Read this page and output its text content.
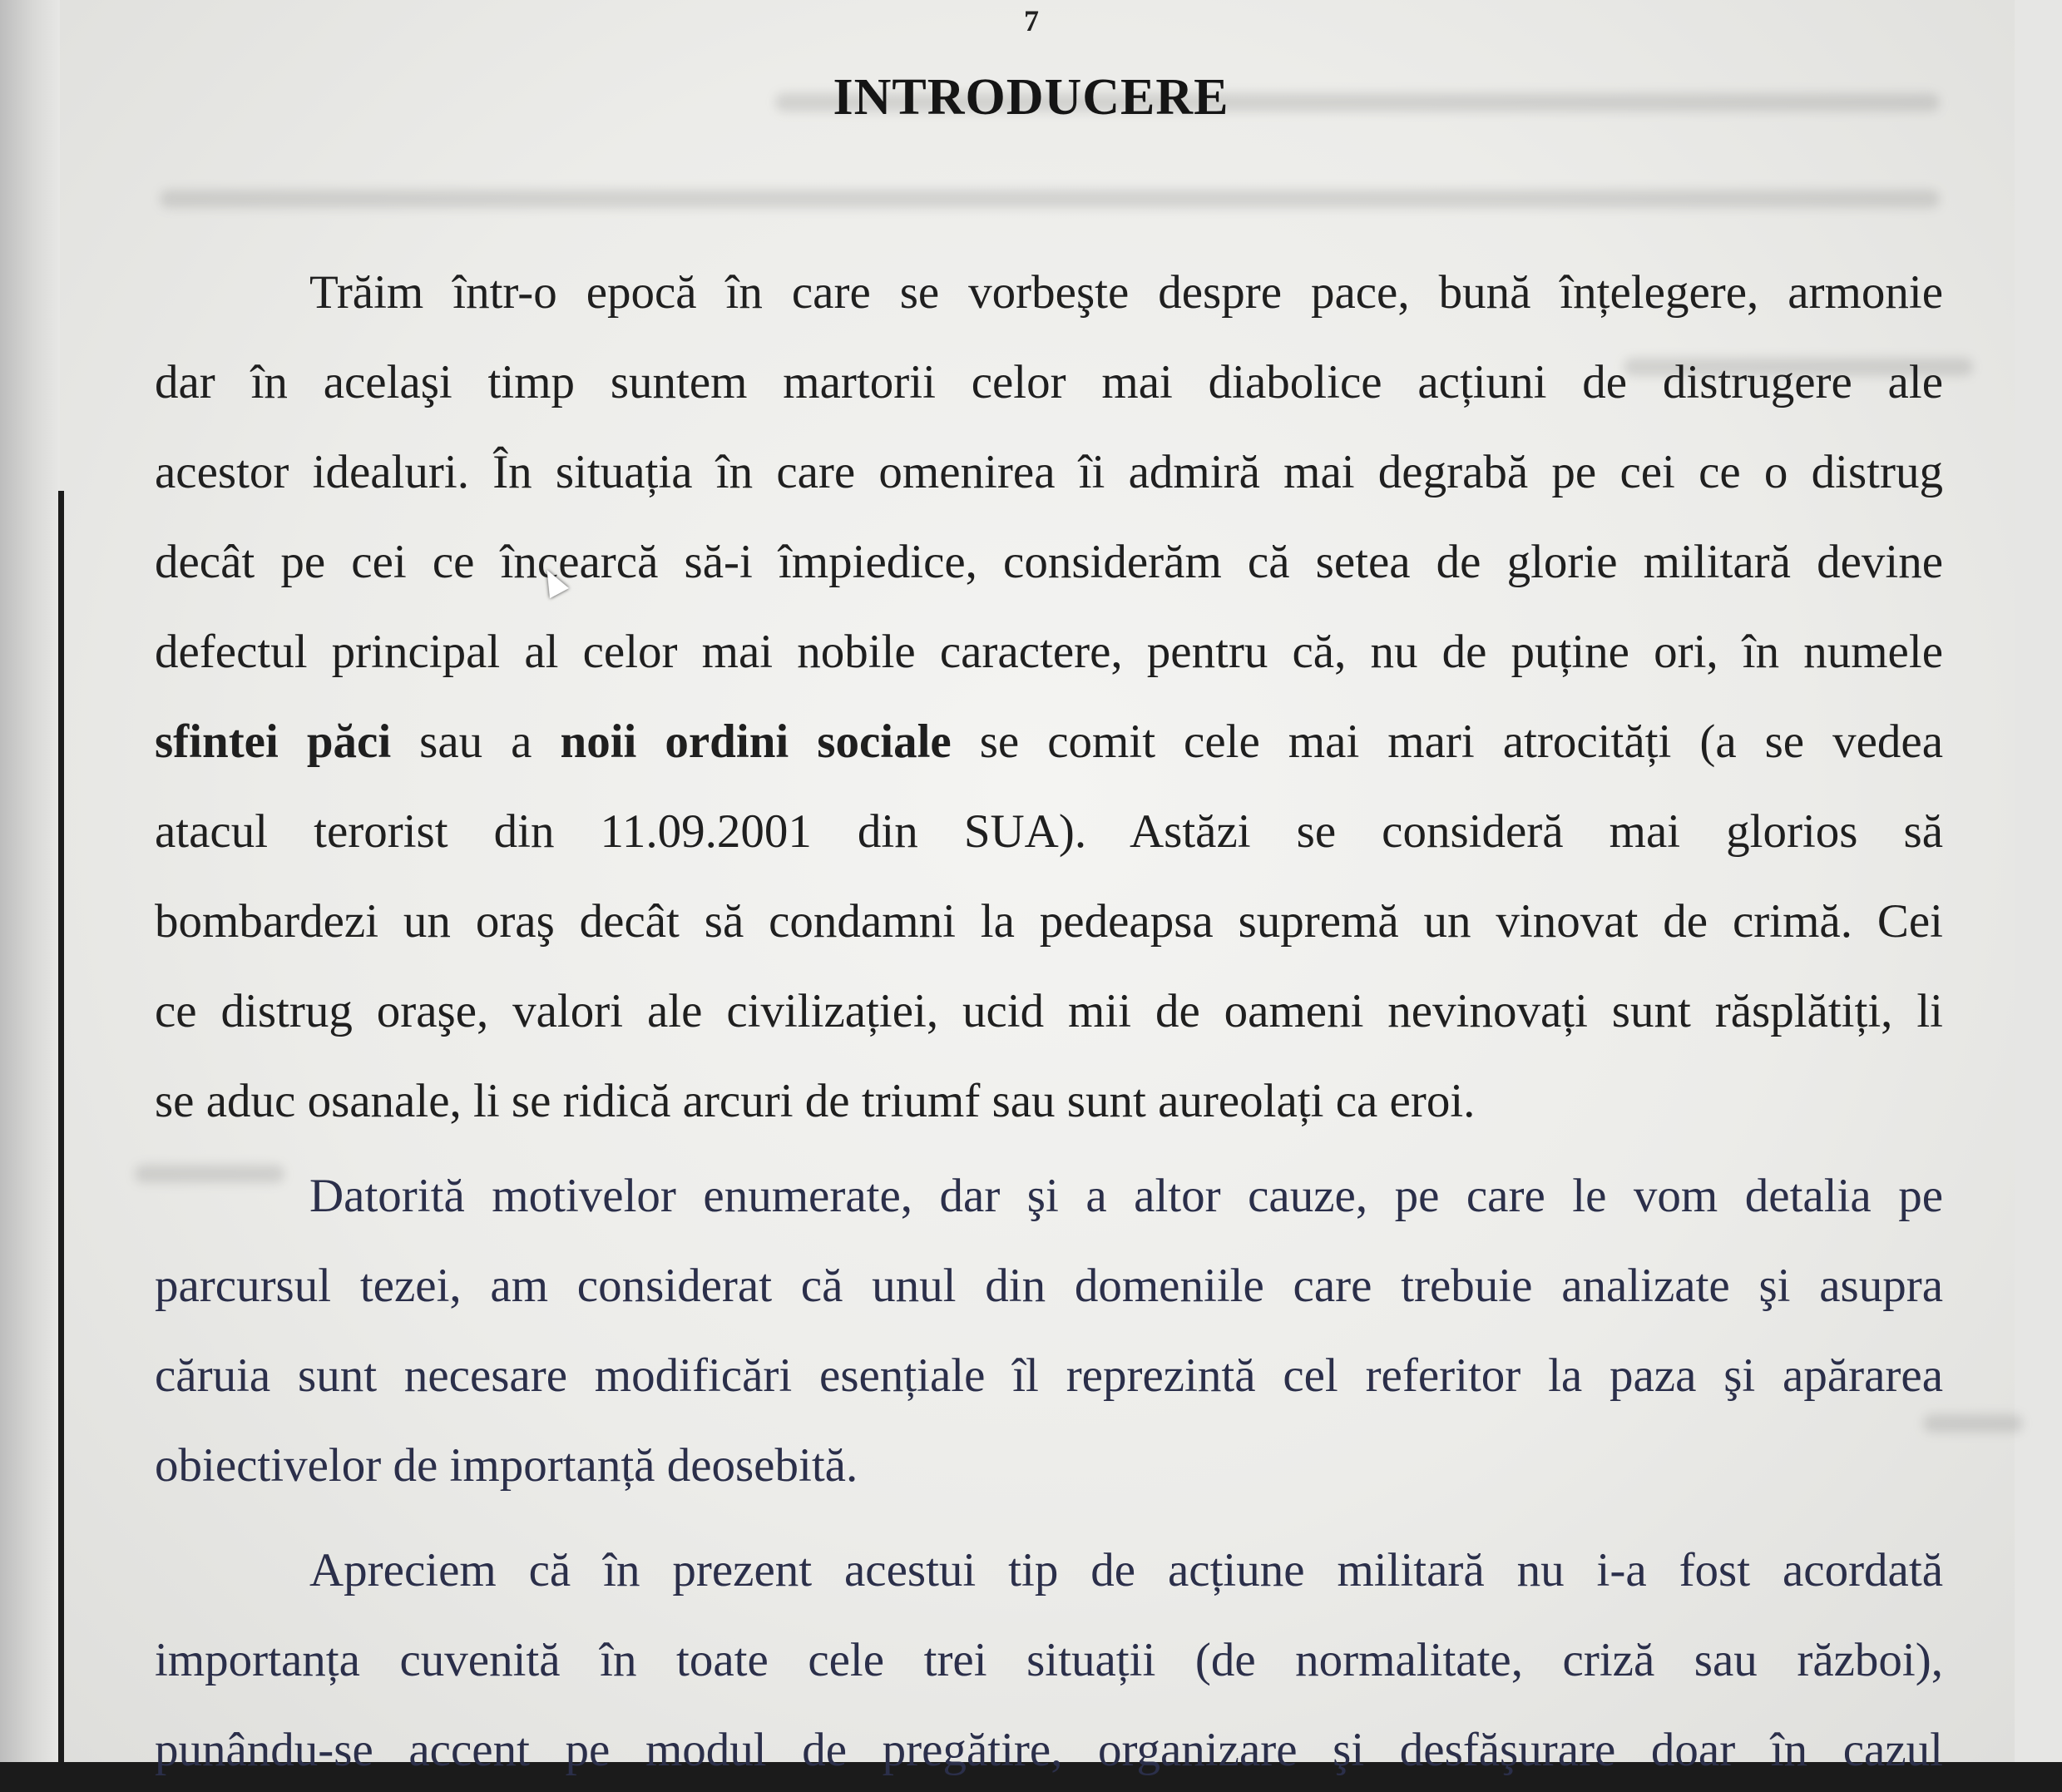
7
INTRODUCERE
Trăim într-o epocă în care se vorbeşte despre pace, bună înțelegere, armonie
dar în acelaşi timp suntem martorii celor mai diabolice acțiuni de distrugere ale
acestor idealuri. În situația în care omenirea îi admiră mai degrabă pe cei ce o distrug
decât pe cei ce încearcă să-i împiedice, considerăm că setea de glorie militară devine
defectul principal al celor mai nobile caractere, pentru că, nu de puține ori, în numele
sfintei păci sau a noii ordini sociale se comit cele mai mari atrocități (a se vedea
atacul terorist din 11.09.2001 din SUA). Astăzi se consideră mai glorios să
bombardezi un oraş decât să condamni la pedeapsa supremă un vinovat de crimă. Cei
ce distrug oraşe, valori ale civilizației, ucid mii de oameni nevinovați sunt răsplătiți, li
se aduc osanale, li se ridică arcuri de triumf sau sunt aureolați ca eroi.
Datorită motivelor enumerate, dar şi a altor cauze, pe care le vom detalia pe
parcursul tezei, am considerat că unul din domeniile care trebuie analizate şi asupra
căruia sunt necesare modificări esențiale îl reprezintă cel referitor la paza şi apărarea
obiectivelor de importanță deosebită.
Apreciem că în prezent acestui tip de acțiune militară nu i-a fost acordată
importanța cuvenită în toate cele trei situații (de normalitate, criză sau război),
punându-se accent pe modul de pregătire, organizare şi desfăşurare doar în cazul
